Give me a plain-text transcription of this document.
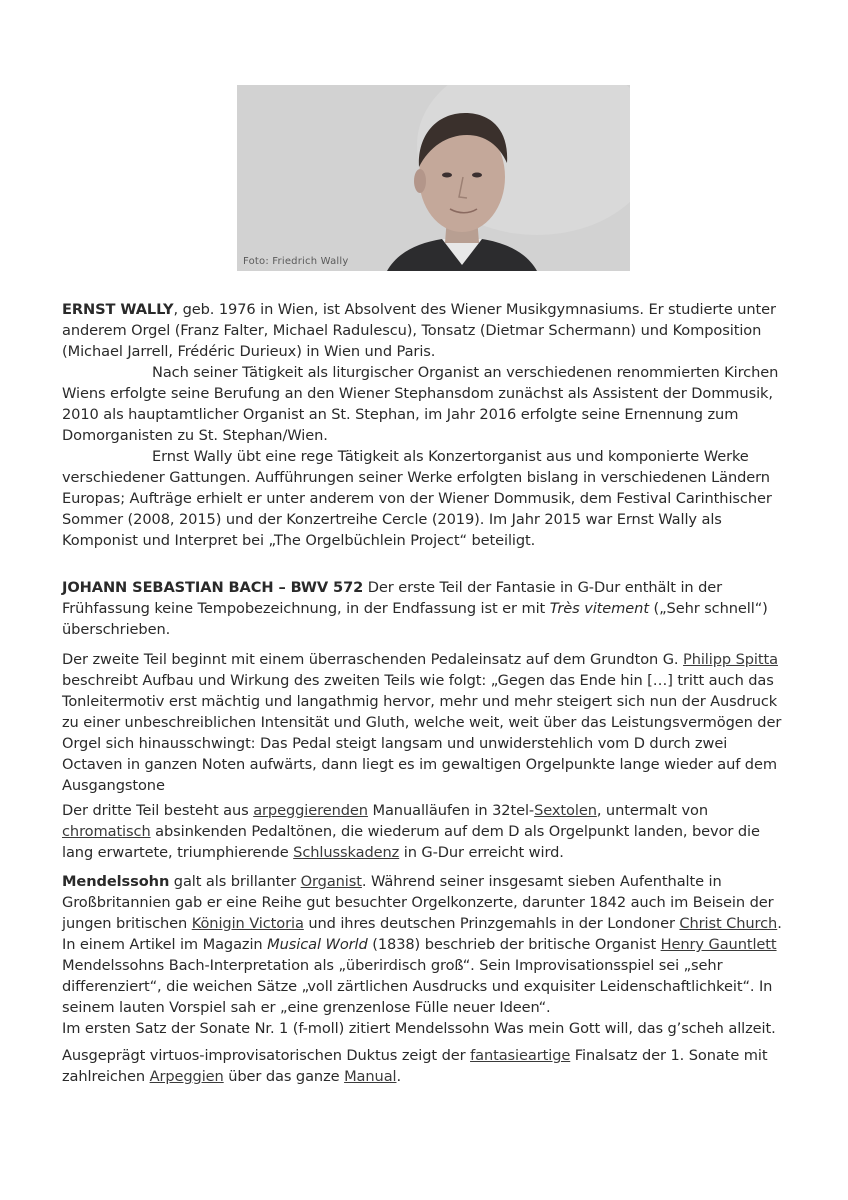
Foto: Friedrich Wally

ERNST WALLY, geb. 1976 in Wien, ist Absolvent des Wiener Musikgymnasiums. Er studierte unter anderem Orgel (Franz Falter, Michael Radulescu), Tonsatz (Dietmar Schermann) und Komposition (Michael Jarrell, Frédéric Durieux) in Wien und Paris.

Nach seiner Tätigkeit als liturgischer Organist an verschiedenen renommierten Kirchen Wiens erfolgte seine Berufung an den Wiener Stephansdom zunächst als Assistent der Dommusik, 2010 als hauptamtlicher Organist an St. Stephan, im Jahr 2016 erfolgte seine Ernennung zum Domorganisten zu St. Stephan/Wien.

Ernst Wally übt eine rege Tätigkeit als Konzertorganist aus und komponierte Werke verschiedener Gattungen. Aufführungen seiner Werke erfolgten bislang in verschiedenen Ländern Europas; Aufträge erhielt er unter anderem von der Wiener Dommusik, dem Festival Carinthischer Sommer (2008, 2015) und der Konzertreihe Cercle (2019). Im Jahr 2015 war Ernst Wally als Komponist und Interpret bei „The Orgelbüchlein Project“ beteiligt.

JOHANN SEBASTIAN BACH – BWV 572 Der erste Teil der Fantasie in G-Dur enthält in der Frühfassung keine Tempobezeichnung, in der Endfassung ist er mit Très vitement („Sehr schnell“) überschrieben.

Der zweite Teil beginnt mit einem überraschenden Pedaleinsatz auf dem Grundton G. Philipp Spitta beschreibt Aufbau und Wirkung des zweiten Teils wie folgt: „Gegen das Ende hin […] tritt auch das Tonleitermotiv erst mächtig und langathmig hervor, mehr und mehr steigert sich nun der Ausdruck zu einer unbeschreiblichen Intensität und Gluth, welche weit, weit über das Leistungsvermögen der Orgel sich hinausschwingt: Das Pedal steigt langsam und unwiderstehlich vom D durch zwei Octaven in ganzen Noten aufwärts, dann liegt es im gewaltigen Orgelpunkte lange wieder auf dem Ausgangstone

Der dritte Teil besteht aus arpeggierenden Manualläufen in 32tel-Sextolen, untermalt von chromatisch absinkenden Pedaltönen, die wiederum auf dem D als Orgelpunkt landen, bevor die lang erwartete, triumphierende Schlusskadenz in G-Dur erreicht wird.

Mendelssohn galt als brillanter Organist. Während seiner insgesamt sieben Aufenthalte in Großbritannien gab er eine Reihe gut besuchter Orgelkonzerte, darunter 1842 auch im Beisein der jungen britischen Königin Victoria und ihres deutschen Prinzgemahls in der Londoner Christ Church. In einem Artikel im Magazin Musical World (1838) beschrieb der britische Organist Henry Gauntlett Mendelssohns Bach-Interpretation als „überirdisch groß“. Sein Improvisationsspiel sei „sehr differenziert“, die weichen Sätze „voll zärtlichen Ausdrucks und exquisiter Leidenschaftlichkeit“. In seinem lauten Vorspiel sah er „eine grenzenlose Fülle neuer Ideen“.
Im ersten Satz der Sonate Nr. 1 (f-moll) zitiert Mendelssohn Was mein Gott will, das g’scheh allzeit.

Ausgeprägt virtuos-improvisatorischen Duktus zeigt der fantasieartige Finalsatz der 1. Sonate mit zahlreichen Arpeggien über das ganze Manual.
